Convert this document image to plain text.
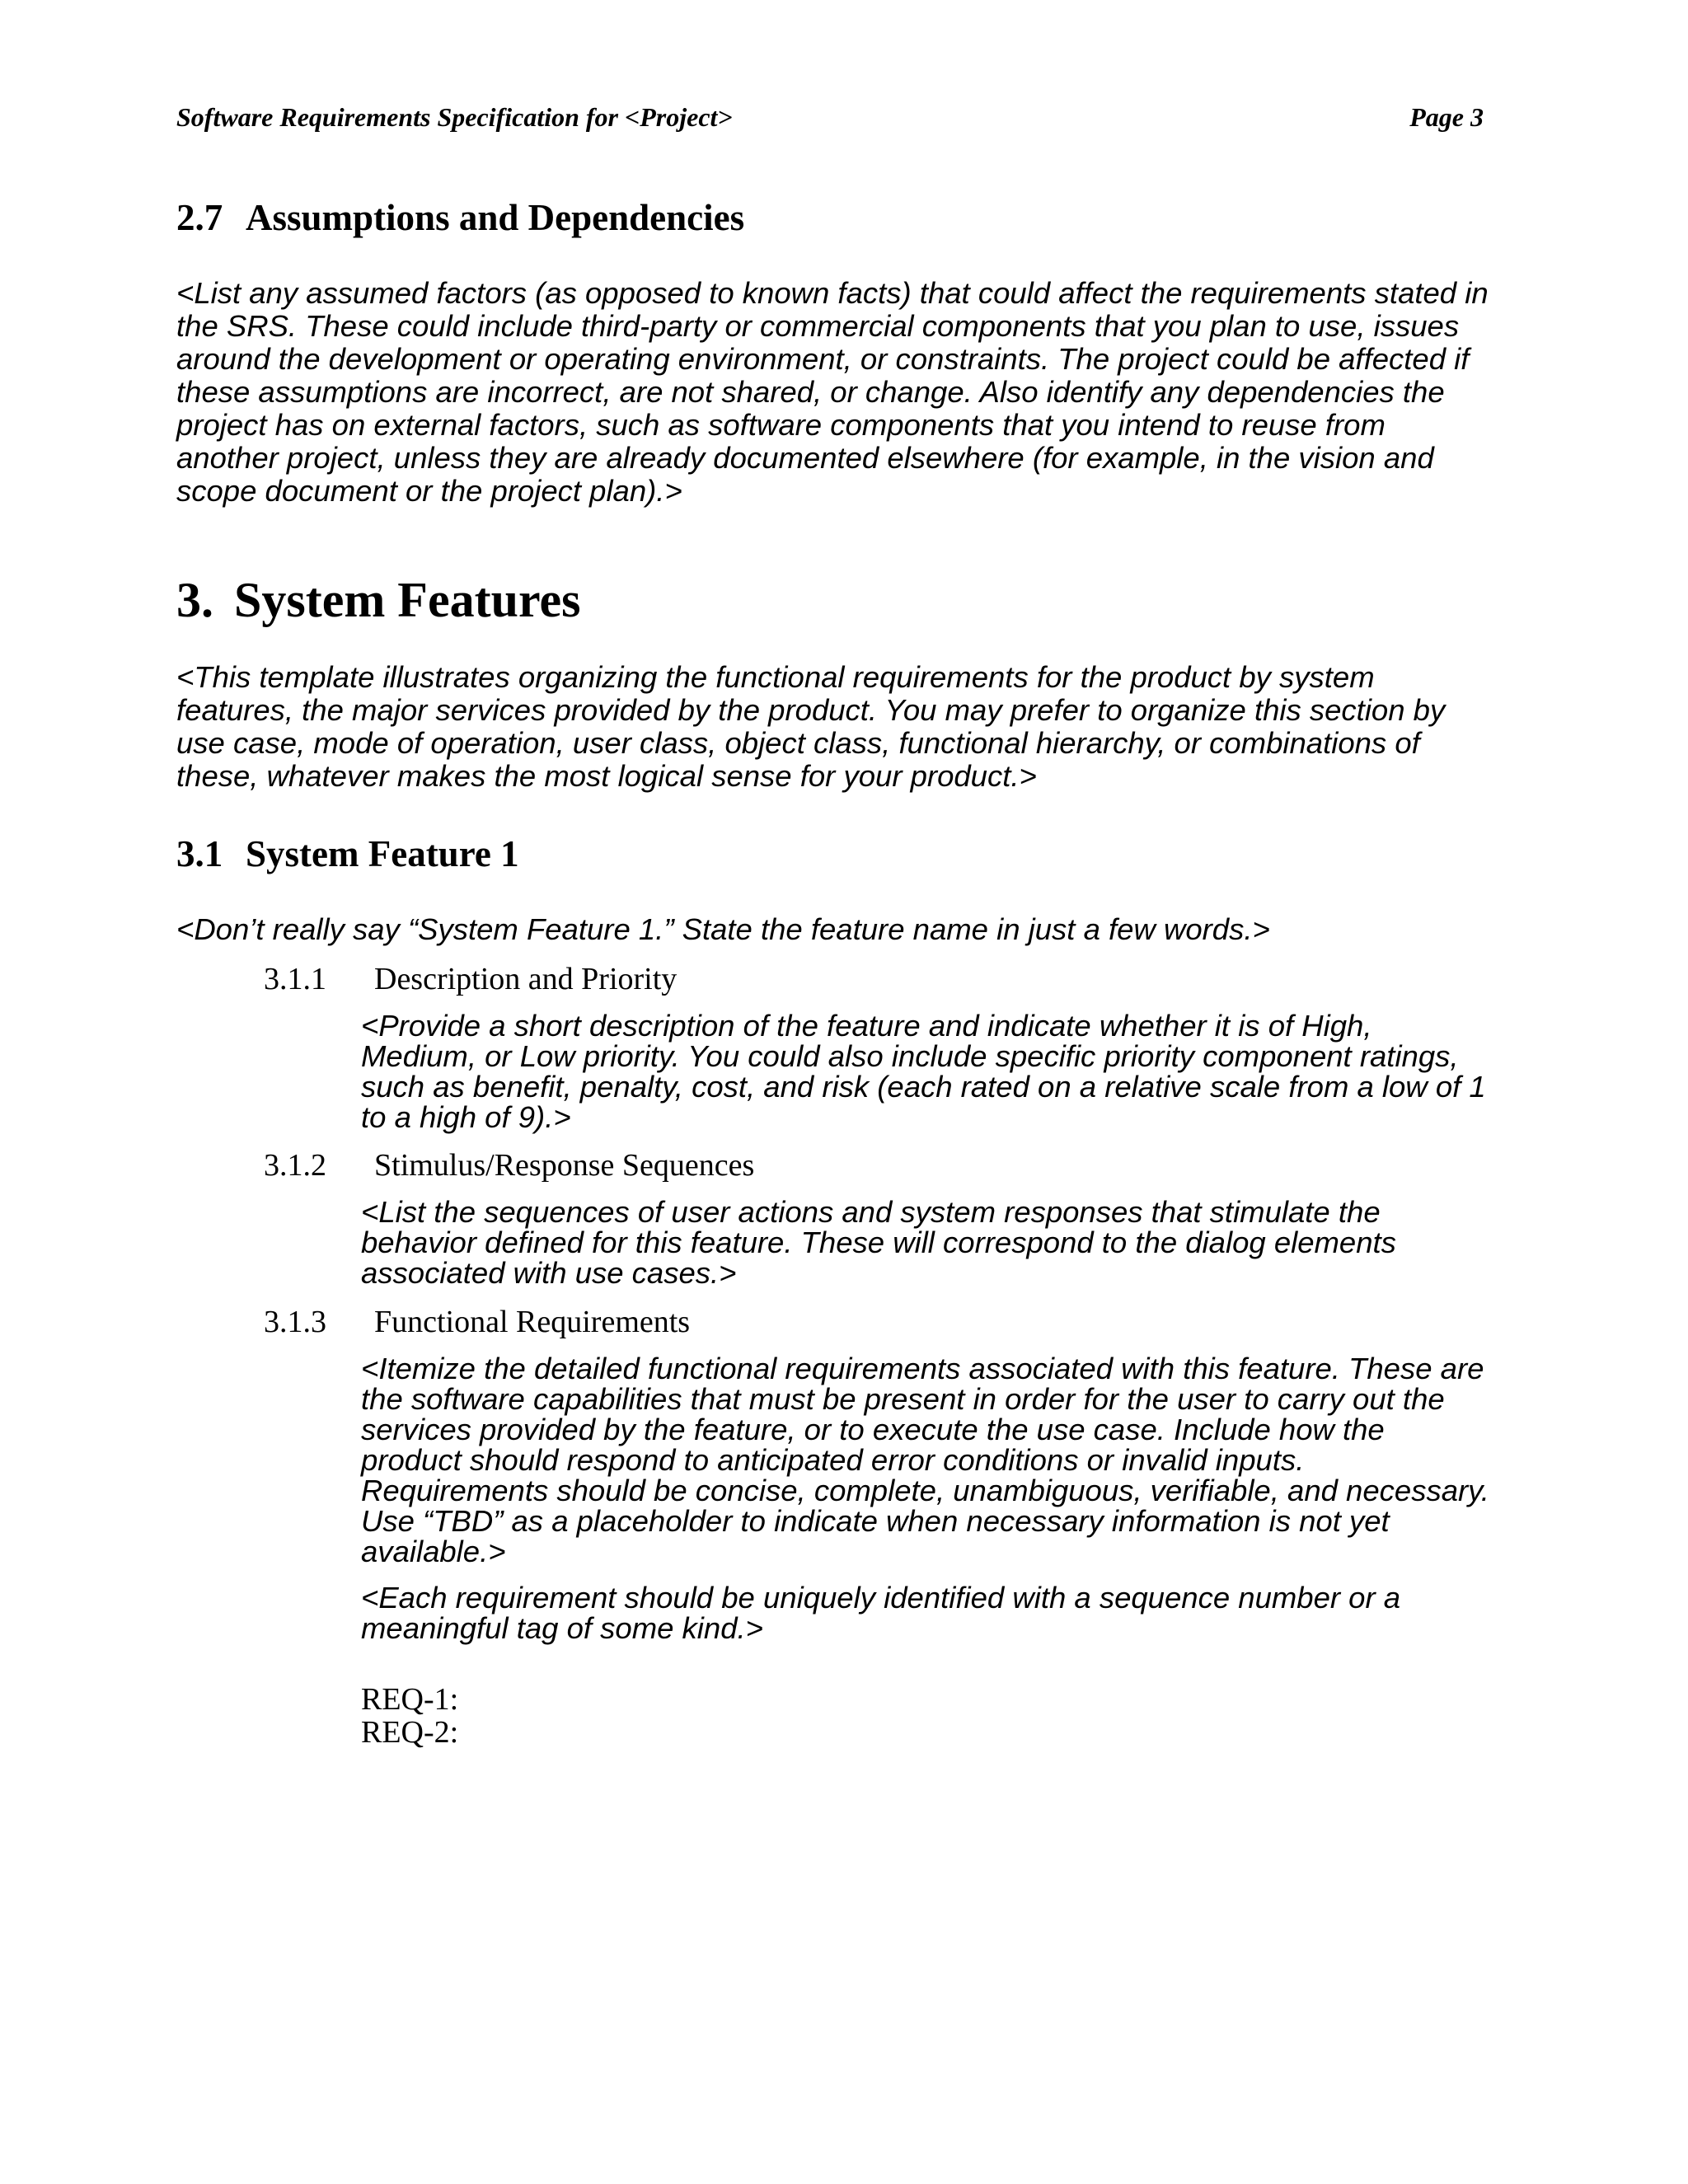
Software Requirements Specification for <Project>	Page 3
2.7 Assumptions and Dependencies
<List any assumed factors (as opposed to known facts) that could affect the requirements stated in
the SRS. These could include third-party or commercial components that you plan to use, issues
around the development or operating environment, or constraints. The project could be affected if
these assumptions are incorrect, are not shared, or change. Also identify any dependencies the
project has on external factors, such as software components that you intend to reuse from
another project, unless they are already documented elsewhere (for example, in the vision and
scope document or the project plan).>
3. System Features
<This template illustrates organizing the functional requirements for the product by system
features, the major services provided by the product. You may prefer to organize this section by
use case, mode of operation, user class, object class, functional hierarchy, or combinations of
these, whatever makes the most logical sense for your product.>
3.1 System Feature 1
<Don’t really say “System Feature 1.” State the feature name in just a few words.>
3.1.1 Description and Priority
<Provide a short description of the feature and indicate whether it is of High,
Medium, or Low priority. You could also include specific priority component ratings,
such as benefit, penalty, cost, and risk (each rated on a relative scale from a low of 1
to a high of 9).>
3.1.2 Stimulus/Response Sequences
<List the sequences of user actions and system responses that stimulate the
behavior defined for this feature. These will correspond to the dialog elements
associated with use cases.>
3.1.3 Functional Requirements
<Itemize the detailed functional requirements associated with this feature. These are
the software capabilities that must be present in order for the user to carry out the
services provided by the feature, or to execute the use case. Include how the
product should respond to anticipated error conditions or invalid inputs.
Requirements should be concise, complete, unambiguous, verifiable, and necessary.
Use “TBD” as a placeholder to indicate when necessary information is not yet
available.>
<Each requirement should be uniquely identified with a sequence number or a
meaningful tag of some kind.>
REQ-1:
REQ-2:
